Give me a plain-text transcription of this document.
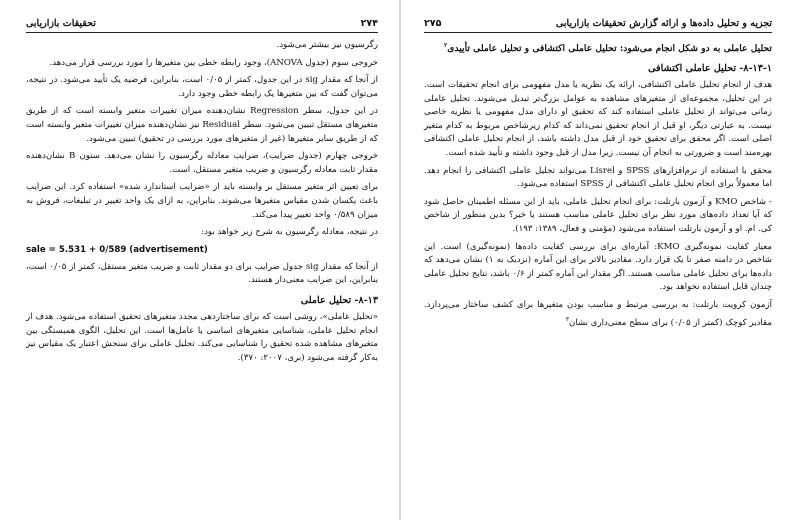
۲۷۴
تحقیقات بازاریابی

رگرسیون نیز بیشتر می‌شود.

خروجی سوم (جدول ANOVA)، وجود رابطه خطی بین متغیرها را مورد بررسی قرار می‌دهد.

از آنجا که مقدار sig در این جدول، کمتر از ۰/۰۵ است، بنابراین، فرضیه یک تأیید می‌شود. در نتیجه، می‌توان گفت که بین متغیرها یک رابطه خطی وجود دارد.

در این جدول، سطر Regression نشان‌دهنده میزان تغییرات متغیر وابسته است که از طریق متغیرهای مستقل تبیین می‌شود. سطر Residual نیز نشان‌دهنده میزان تغییرات متغیر وابسته است که از طریق سایر متغیرها (غیر از متغیرهای مورد بررسی در تحقیق) تبیین می‌شود.

خروجی چهارم (جدول ضرایب)، ضرایب معادله رگرسیون را نشان می‌دهد. ستون B نشان‌دهنده مقدار ثابت معادله رگرسیون و ضریب متغیر مستقل، است.

برای تعیین اثر متغیر مستقل بر وابسته باید از «ضرایب استاندارد شده» استفاده کرد. این ضرایب باعث یکسان شدن مقیاس متغیرها می‌شوند. بنابراین، به ازای یک واحد تغییر در تبلیغات، فروش به میزان ۰/۵۸۹ واحد تغییر پیدا می‌کند.

در نتیجه، معادله رگرسیون به شرح زیر خواهد بود:

sale = 5.531 + 0/589 (advertisement)

از آنجا که مقدار sig جدول ضرایب برای دو مقدار ثابت و ضریب متغیر مستقل، کمتر از ۰/۰۵ است، بنابراین، این ضرایب معنی‌دار هستند.

۸-۱۳- تحلیل عاملی

«تحلیل عاملی»، روشی است که برای ساختاردهی مجدد متغیرهای تحقیق استفاده می‌شود. هدف از انجام تحلیل عاملی، شناسایی متغیرهای اساسی یا عامل‌ها است. این تحلیل، الگوی همبستگی بین متغیرهای مشاهده شده تحقیق را شناسایی می‌کند. تحلیل عاملی برای سنجش اعتبار یک مقیاس نیز به‌کار گرفته می‌شود (بری، ۲۰۰۷: ۳۷۰).

تجزیه و تحلیل داده‌ها و ارائه گزارش تحقیقات بازاریابی
۲۷۵

تحلیل عاملی به دو شکل انجام می‌شود: تحلیل عاملی اکتشافی و تحلیل عاملی تأییدی$^۲$

۸-۱۳-۱- تحلیل عاملی اکتشافی

هدف از انجام تحلیل عاملی اکتشافی، ارائه یک نظریه یا مدل مفهومی برای انجام تحقیقات است. در این تحلیل، مجموعه‌ای از متغیرهای مشاهده به عوامل بزرگ‌تر تبدیل می‌شوند. تحلیل عاملی زمانی می‌تواند از تحلیل عاملی استفاده کند که تحقیق او دارای مدل مفهومی یا نظریه خاصی نیست. به عبارتی دیگر، او قبل از انجام تحقیق نمی‌داند که کدام زیرشاخص مربوط به کدام متغیر اصلی است. اگر محقق برای تحقیق خود از قبل مدل داشته باشد، از انجام تحلیل عاملی اکتشافی بهره‌مند است و ضرورتی به انجام آن نیست. زیرا مدل از قبل وجود داشته و تأیید شده است.

محقق با استفاده از نرم‌افزارهای SPSS و Lisrel می‌تواند تحلیل عاملی اکتشافی را انجام دهد. اما معمولاً برای انجام تحلیل عاملی اکتشافی از SPSS استفاده می‌شود.

- شاخص KMO و آزمون بارتلت: برای انجام تحلیل عاملی، باید از این مسئله اطمینان حاصل شود که آیا تعداد داده‌های مورد نظر برای تحلیل عاملی مناسب هستند یا خیر؟ بدین منظور از شاخص کی. ام. او و آزمون بارتلت استفاده می‌شود (مؤمنی و فعال، ۱۳۸۹: ۱۹۳).

معیار کفایت نمونه‌گیری KMO: آماره‌ای برای بررسی کفایت داده‌ها (نمونه‌گیری) است. این شاخص در دامنه صفر تا یک قرار دارد. مقادیر بالاتر برای این آماره (نزدیک به ۱) نشان می‌دهد که داده‌ها برای تحلیل عاملی مناسب هستند. اگر مقدار این آماره کمتر از ۰/۶ باشد، نتایج تحلیل عاملی چندان قابل استفاده نخواهد بود.

آزمون کرویت بارتلت: به بررسی مرتبط و مناسب بودن متغیرها برای کشف ساختار می‌پردازد. مقادیر کوچک (کمتر از ۰/۰۵) برای سطح معنی‌داری نشان$^۳$
